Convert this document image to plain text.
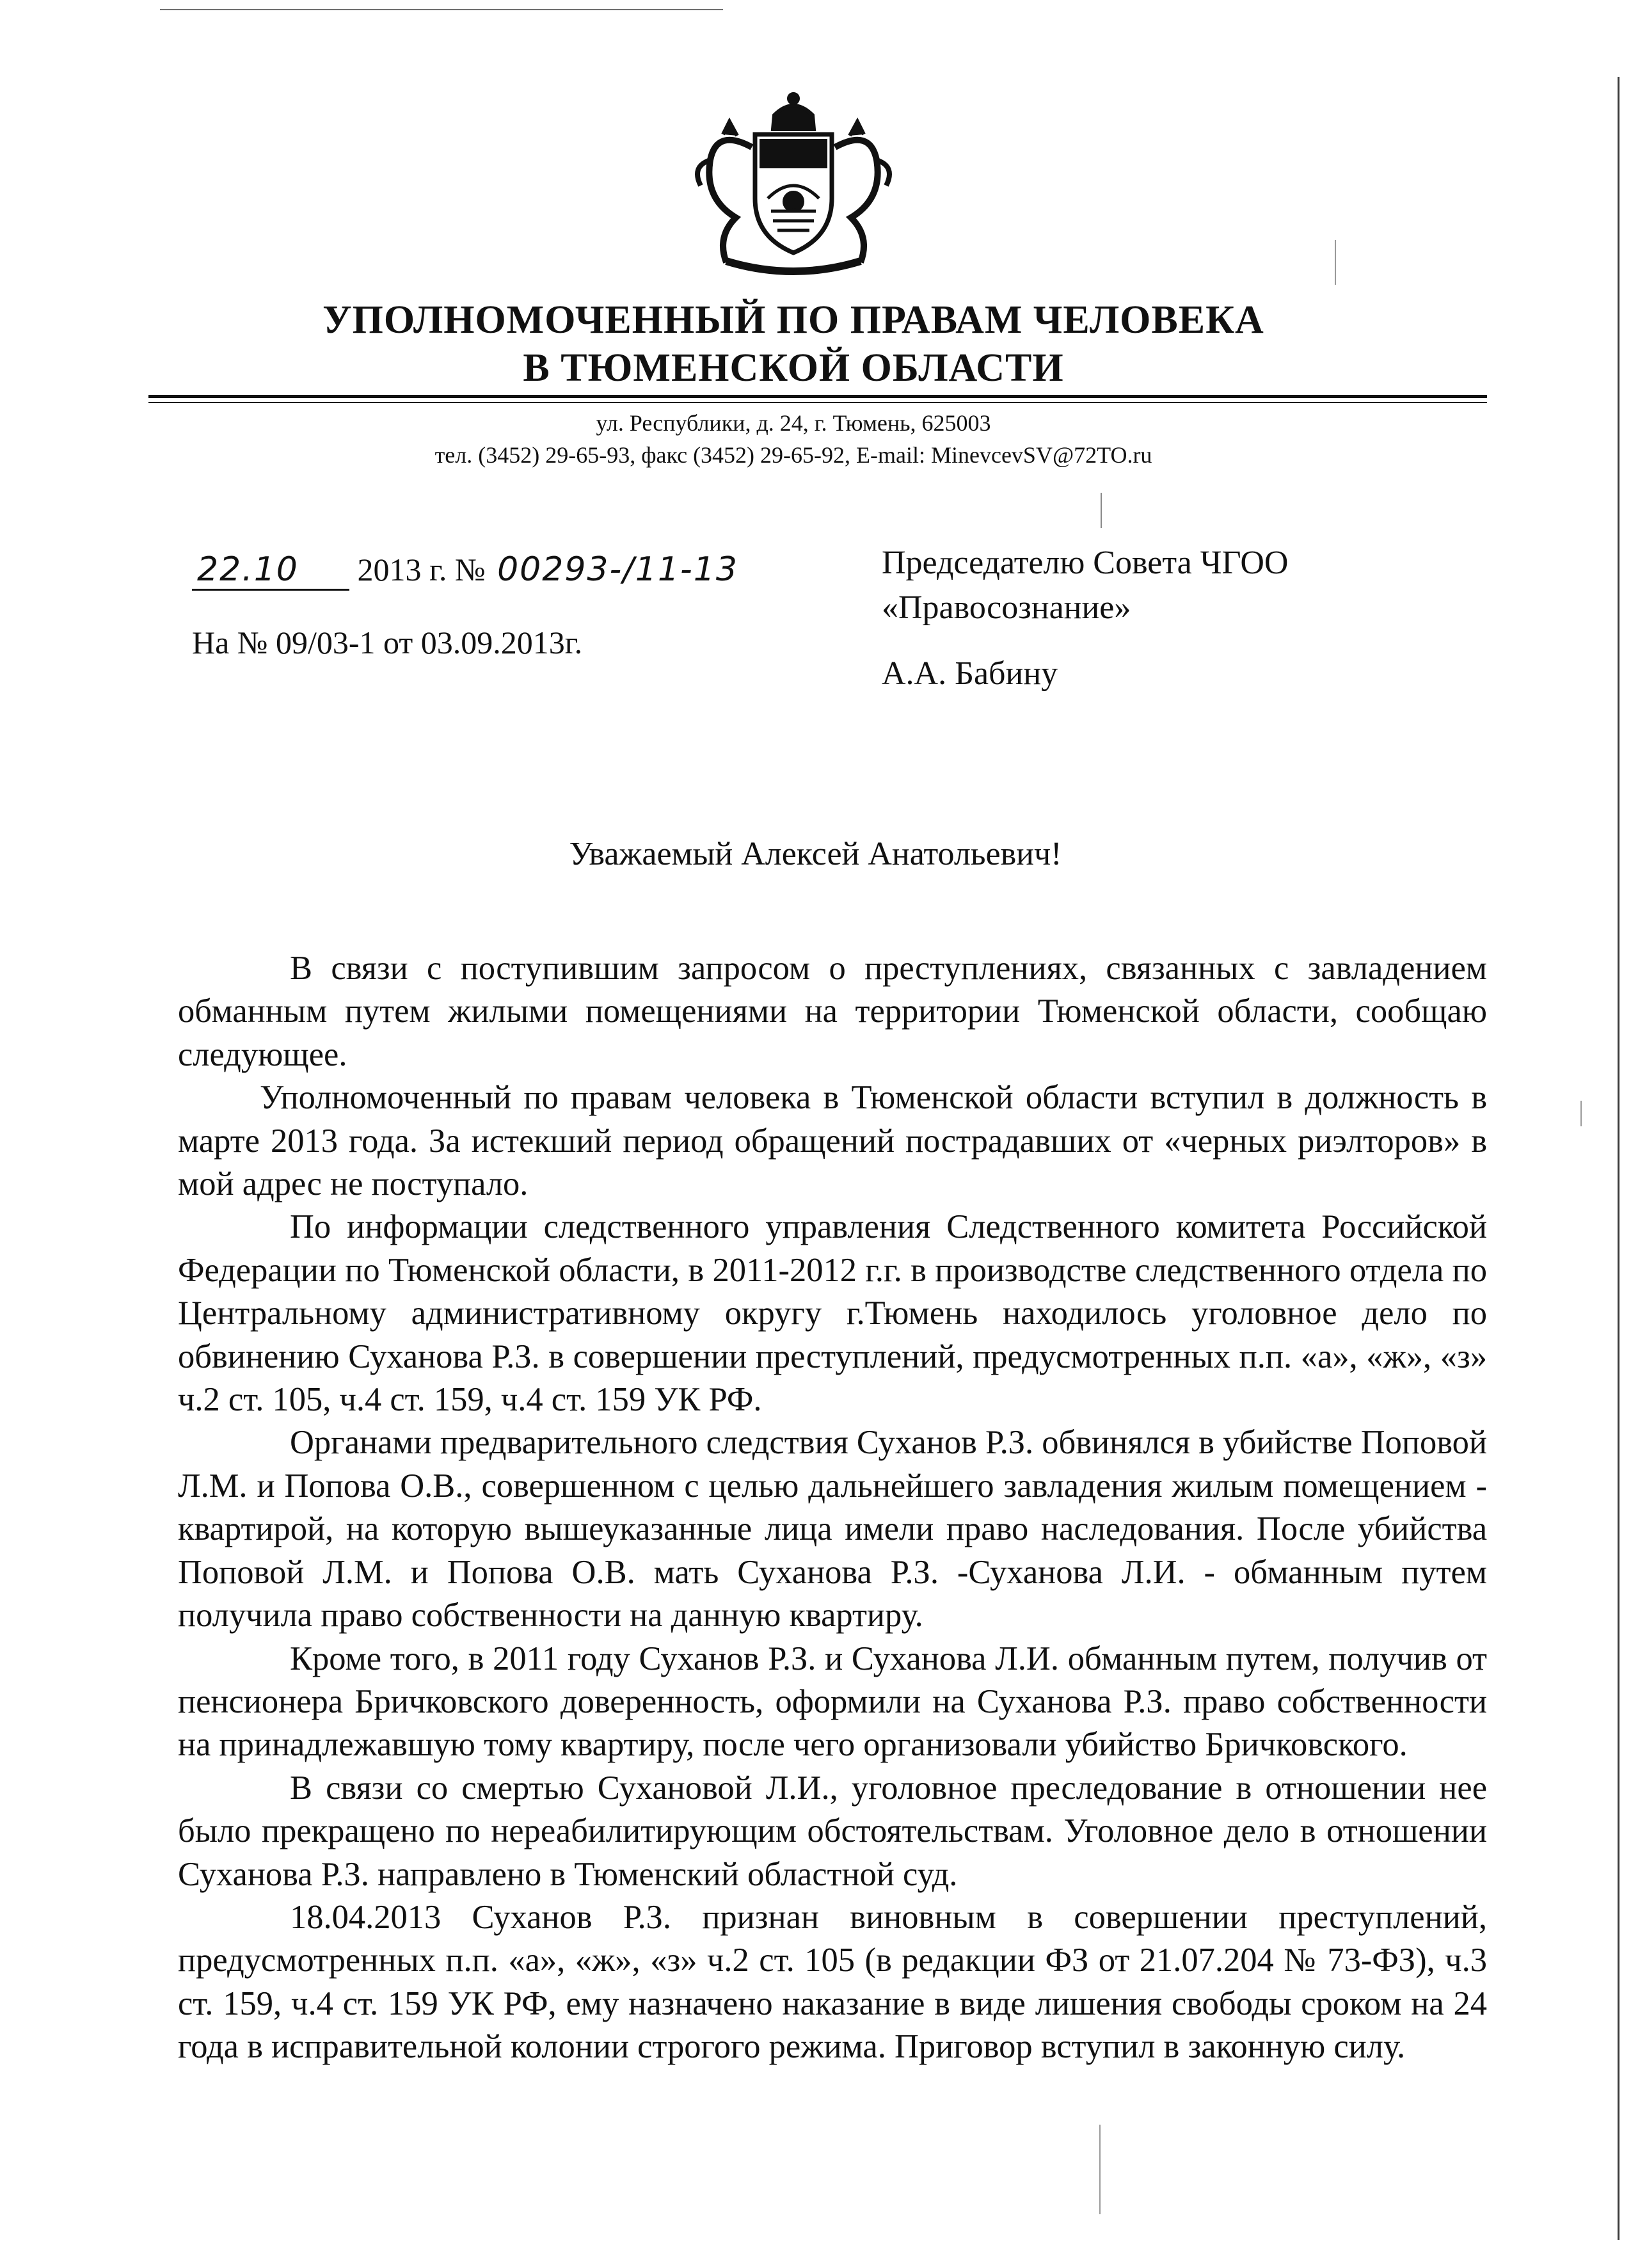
УПОЛНОМОЧЕННЫЙ ПО ПРАВАМ ЧЕЛОВЕКА
В ТЮМЕНСКОЙ ОБЛАСТИ
ул. Республики, д. 24, г. Тюмень, 625003
тел. (3452) 29-65-93, факс (3452) 29-65-92, E-mail: MinevcevSV@72TO.ru
22.10 2013 г. № 00293-/11-13
На № 09/03-1 от 03.09.2013г.
Председателю Совета ЧГОО
«Правосознание»
А.А. Бабину
Уважаемый Алексей Анатольевич!

В связи с поступившим запросом о преступлениях, связанных с завладением обманным путем жилыми помещениями на территории Тюменской области, сообщаю следующее.

Уполномоченный по правам человека в Тюменской области вступил в должность в марте 2013 года. За истекший период обращений пострадавших от «черных риэлторов» в мой адрес не поступало.

По информации следственного управления Следственного комитета Российской Федерации по Тюменской области, в 2011-2012 г.г. в производстве следственного отдела по Центральному административному округу г.Тюмень находилось уголовное дело по обвинению Суханова Р.З. в совершении преступлений, предусмотренных п.п. «а», «ж», «з» ч.2 ст. 105, ч.4 ст. 159, ч.4 ст. 159 УК РФ.

Органами предварительного следствия Суханов Р.З. обвинялся в убийстве Поповой Л.М. и Попова О.В., совершенном с целью дальнейшего завладения жилым помещением - квартирой, на которую вышеуказанные лица имели право наследования. После убийства Поповой Л.М. и Попова О.В. мать Суханова Р.З. -Суханова Л.И. - обманным путем получила право собственности на данную квартиру.

Кроме того, в 2011 году Суханов Р.З. и Суханова Л.И. обманным путем, получив от пенсионера Бричковского доверенность, оформили на Суханова Р.З. право собственности на принадлежавшую тому квартиру, после чего организовали убийство Бричковского.

В связи со смертью Сухановой Л.И., уголовное преследование в отношении нее было прекращено по нереабилитирующим обстоятельствам. Уголовное дело в отношении Суханова Р.З. направлено в Тюменский областной суд.

18.04.2013 Суханов Р.З. признан виновным в совершении преступлений, предусмотренных п.п. «а», «ж», «з» ч.2 ст. 105 (в редакции ФЗ от 21.07.204 № 73-ФЗ), ч.3 ст. 159, ч.4 ст. 159 УК РФ, ему назначено наказание в виде лишения свободы сроком на 24 года в исправительной колонии строгого режима. Приговор вступил в законную силу.
